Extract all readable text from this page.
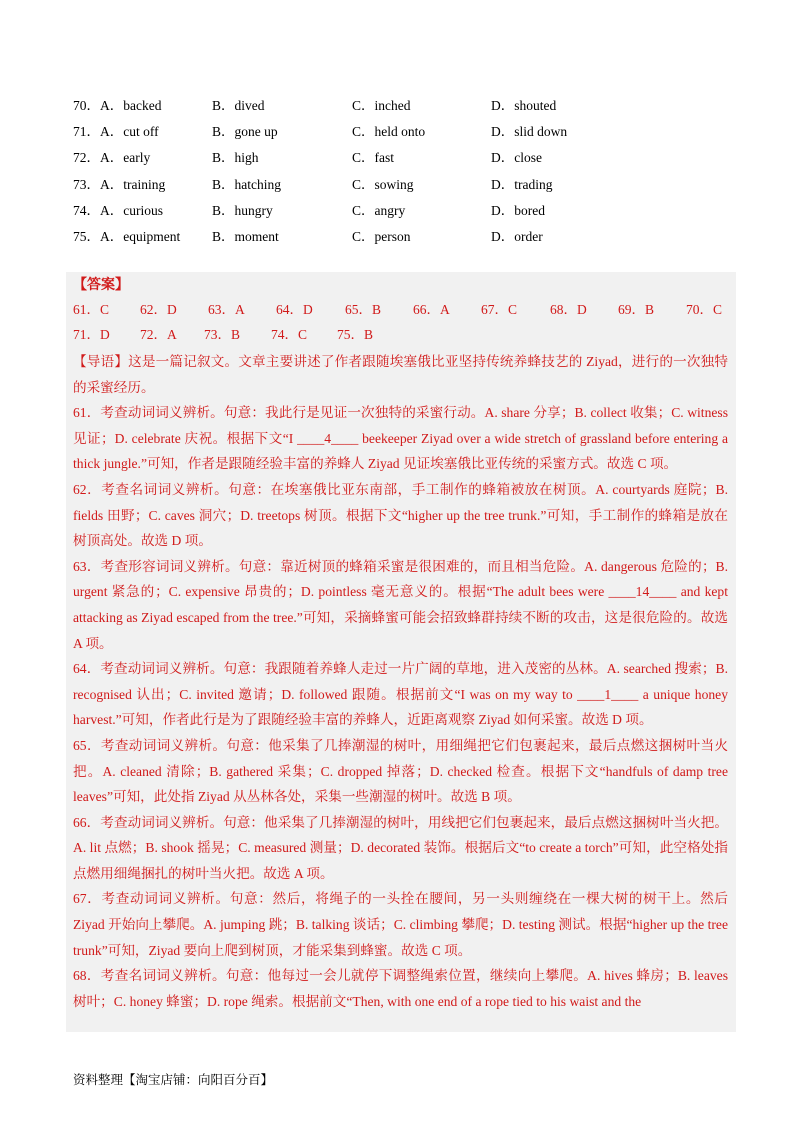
70．A．backed	B．dived	C．inched	D．shouted
71．A．cut off	B．gone up	C．held onto	D．slid down
72．A．early	B．high	C．fast	D．close
73．A．training	B．hatching	C．sowing	D．trading
74．A．curious	B．hungry	C．angry	D．bored
75．A．equipment B．moment	C．person	D．order
【答案】
61．C 62．D 63．A 64．D 65．B 66．A 67．C 68．D 69．B 70．C
71．D 72．A 73．B 74．C 75．B

【导语】这是一篇记叙文。文章主要讲述了作者跟随埃塞俄比亚坚持传统养蜂技艺的 Ziyad，进行的一次独特的采蜜经历。

61．考查动词词义辨析。句意：我此行是见证一次独特的采蜜行动。A. share 分享；B. collect 收集；C. witness 见证；D. celebrate 庆祝。根据下文“I ____4____ beekeeper Ziyad over a wide stretch of grassland before entering a thick jungle.”可知，作者是跟随经验丰富的养蜂人 Ziyad 见证埃塞俄比亚传统的采蜜方式。故选 C 项。

62．考查名词词义辨析。句意：在埃塞俄比亚东南部，手工制作的蜂箱被放在树顶。A. courtyards 庭院；B. fields 田野；C. caves 洞穴；D. treetops 树顶。根据下文“higher up the tree trunk.”可知，手工制作的蜂箱是放在树顶高处。故选 D 项。

63．考查形容词词义辨析。句意：靠近树顶的蜂箱采蜜是很困难的，而且相当危险。A. dangerous 危险的；B. urgent 紧急的；C. expensive 昂贵的；D. pointless 毫无意义的。根据“The adult bees were ____14____ and kept attacking as Ziyad escaped from the tree.”可知，采摘蜂蜜可能会招致蜂群持续不断的攻击，这是很危险的。故选 A 项。

64．考查动词词义辨析。句意：我跟随着养蜂人走过一片广阔的草地，进入茂密的丛林。A. searched 搜索；B. recognised 认出；C. invited 邀请；D. followed 跟随。根据前文“I was on my way to ____1____ a unique honey harvest.”可知，作者此行是为了跟随经验丰富的养蜂人，近距离观察 Ziyad 如何采蜜。故选 D 项。

65．考查动词词义辨析。句意：他采集了几捧潮湿的树叶，用细绳把它们包裹起来，最后点燃这捆树叶当火把。A. cleaned 清除；B. gathered 采集；C. dropped 掉落；D. checked 检查。根据下文“handfuls of damp tree leaves”可知，此处指 Ziyad 从丛林各处，采集一些潮湿的树叶。故选 B 项。

66．考查动词词义辨析。句意：他采集了几捧潮湿的树叶，用线把它们包裹起来，最后点燃这捆树叶当火把。A. lit 点燃；B. shook 摇晃；C. measured 测量；D. decorated 装饰。根据后文“to create a torch”可知，此空格处指点燃用细绳捆扎的树叶当火把。故选 A 项。

67．考查动词词义辨析。句意：然后，将绳子的一头拴在腰间，另一头则缠绕在一棵大树的树干上。然后 Ziyad 开始向上攀爬。A. jumping 跳；B. talking 谈话；C. climbing 攀爬；D. testing 测试。根据“higher up the tree trunk”可知，Ziyad 要向上爬到树顶，才能采集到蜂蜜。故选 C 项。

68．考查名词词义辨析。句意：他每过一会儿就停下调整绳索位置，继续向上攀爬。A. hives 蜂房；B. leaves 树叶；C. honey 蜂蜜；D. rope 绳索。根据前文“Then, with one end of a rope tied to his waist and the

资料整理【淘宝店铺：向阳百分百】
